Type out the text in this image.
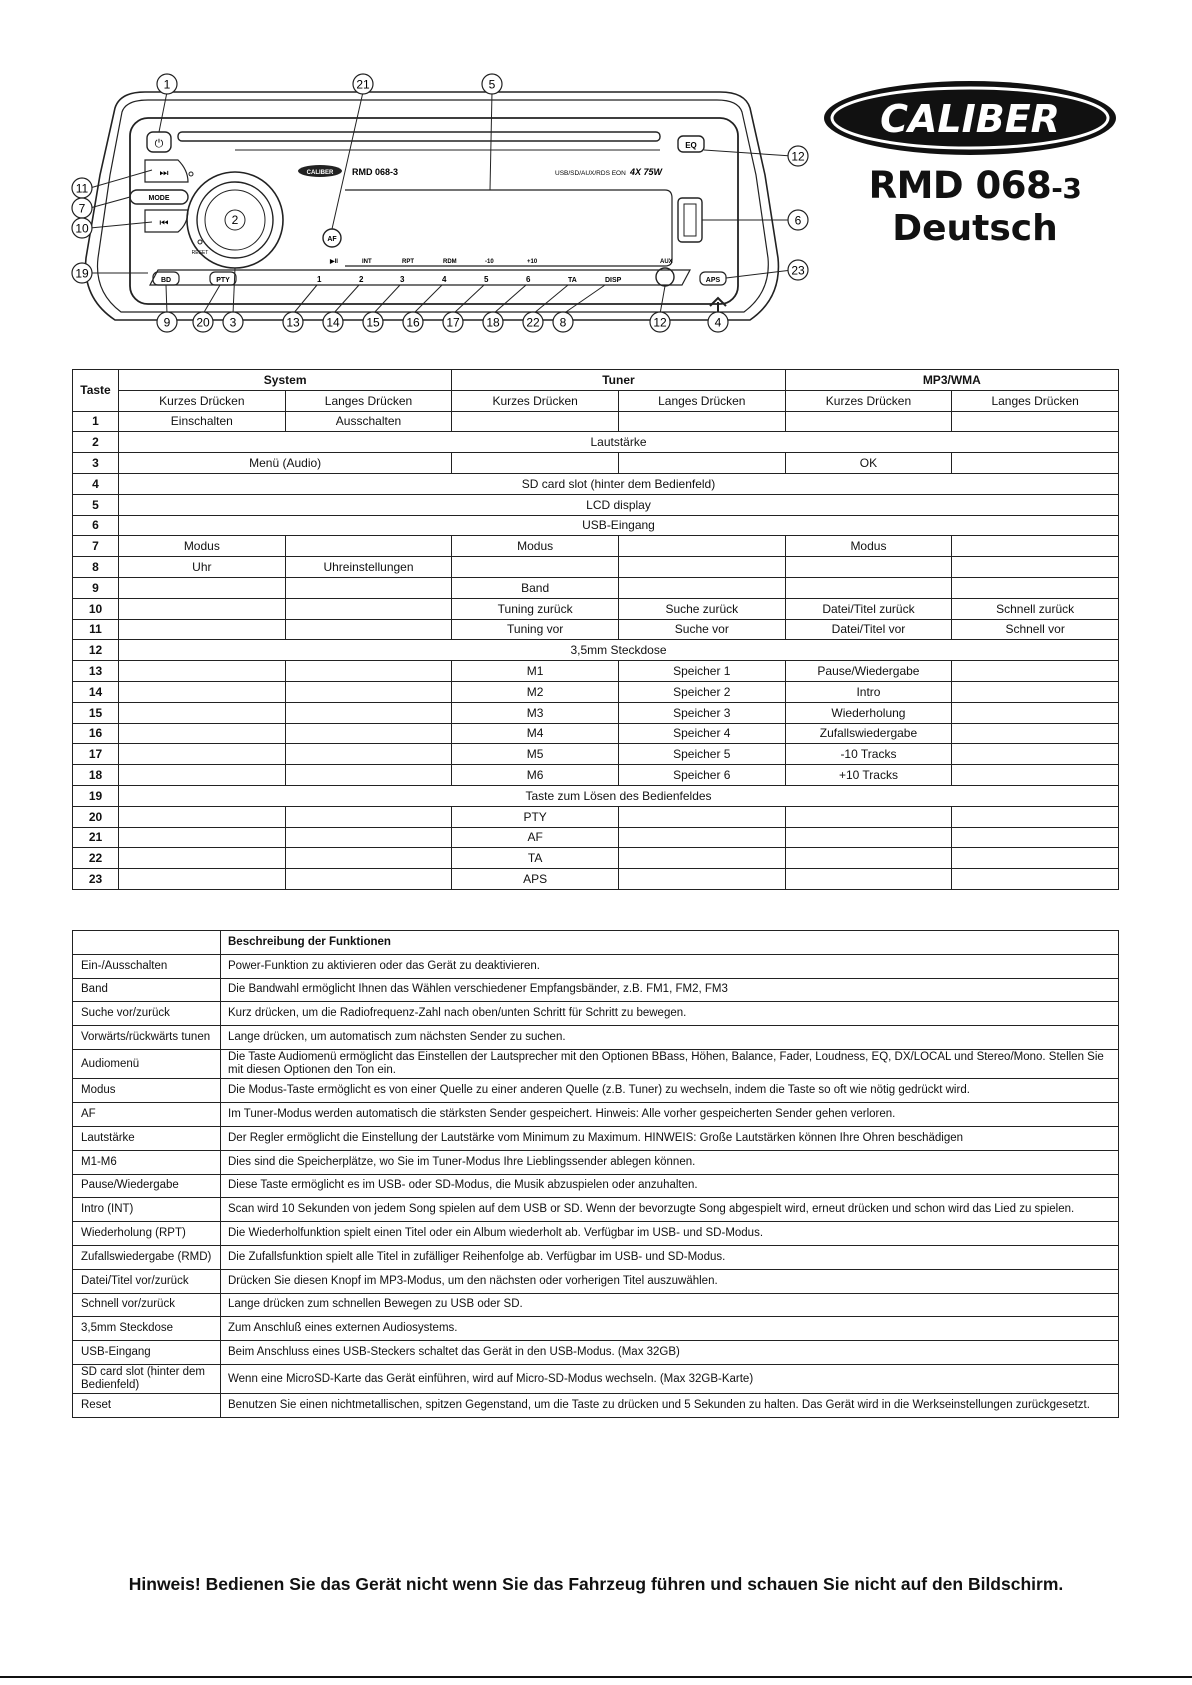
⏻	EQ
CALIBER RMD 068-3	USB/SD/AUX/RDS EON 4X 75W
⏭
MODE
⏮
RESET
AF
▶II	INT	RPT	RDM	-10	+10	AUX
BD	PTY	1	2	3	4	5	6	TA	DISP	APS
1	21	5
12
11
6
7
10
19	23
9 20 3	13 14 15 16 17 18 22 8	12	4
2
CALIBER
RMD 068-3
Deutsch
Taste	System		Tuner		MP3/WMA	
	Kurzes Drücken	Langes Drücken	Kurzes Drücken	Langes Drücken	Kurzes Drücken	Langes Drücken
1	Einschalten	Ausschalten				
2	Lautstärke					
3	Menü (Audio)				OK	
4	SD card slot (hinter dem Bedienfeld)					
5	LCD display					
6	USB-Eingang					
7	Modus		Modus		Modus	
8	Uhr	Uhreinstellungen				
9			Band			
10			Tuning zurück	Suche zurück	Datei/Titel zurück	Schnell zurück
11			Tuning vor	Suche vor	Datei/Titel vor	Schnell vor
12	3,5mm Steckdose					
13			M1	Speicher 1	Pause/Wiedergabe	
14			M2	Speicher 2	Intro	
15			M3	Speicher 3	Wiederholung	
16			M4	Speicher 4	Zufallswiedergabe	
17			M5	Speicher 5	-10 Tracks	
18			M6	Speicher 6	+10 Tracks	
19	Taste zum Lösen des Bedienfeldes					
20			PTY			
21			AF			
22			TA			
23			APS			
	Beschreibung der Funktionen
Ein-/Ausschalten	Power-Funktion zu aktivieren oder das Gerät zu deaktivieren.
Band	Die Bandwahl ermöglicht Ihnen das Wählen verschiedener Empfangsbänder, z.B. FM1, FM2, FM3
Suche vor/zurück	Kurz drücken, um die Radiofrequenz-Zahl nach oben/unten Schritt für Schritt zu bewegen.
Vorwärts/rückwärts tunen	Lange drücken, um automatisch zum nächsten Sender zu suchen.
Audiomenü	Die Taste Audiomenü ermöglicht das Einstellen der Lautsprecher mit den Optionen BBass, Höhen, Balance, Fader, Loudness, EQ, DX/LOCAL und Stereo/Mono. Stellen Sie mit diesen Optionen den Ton ein.
Modus	Die Modus-Taste ermöglicht es von einer Quelle zu einer anderen Quelle (z.B. Tuner) zu wechseln, indem die Taste so oft wie nötig gedrückt wird.
AF	Im Tuner-Modus werden automatisch die stärksten Sender gespeichert. Hinweis: Alle vorher gespeicherten Sender gehen verloren.
Lautstärke	Der Regler ermöglicht die Einstellung der Lautstärke vom Minimum zu Maximum. HINWEIS: Große Lautstärken können Ihre Ohren beschädigen
M1-M6	Dies sind die Speicherplätze, wo Sie im Tuner-Modus Ihre Lieblingssender ablegen können.
Pause/Wiedergabe	Diese Taste ermöglicht es im USB- oder SD-Modus, die Musik abzuspielen oder anzuhalten.
Intro (INT)	Scan wird 10 Sekunden von jedem Song spielen auf dem USB or SD. Wenn der bevorzugte Song abgespielt wird, erneut drücken und schon wird das Lied zu spielen.
Wiederholung (RPT)	Die Wiederholfunktion spielt einen Titel oder ein Album wiederholt ab. Verfügbar im USB- und SD-Modus.
Zufallswiedergabe (RMD)	Die Zufallsfunktion spielt alle Titel in zufälliger Reihenfolge ab. Verfügbar im USB- und SD-Modus.
Datei/Titel vor/zurück	Drücken Sie diesen Knopf im MP3-Modus, um den nächsten oder vorherigen Titel auszuwählen.
Schnell vor/zurück	Lange drücken zum schnellen Bewegen zu USB oder SD.
3,5mm Steckdose	Zum Anschluß eines externen Audiosystems.
USB-Eingang	Beim Anschluss eines USB-Steckers schaltet das Gerät in den USB-Modus. (Max 32GB)
SD card slot (hinter dem Bedienfeld)	Wenn eine MicroSD-Karte das Gerät einführen, wird auf Micro-SD-Modus wechseln. (Max 32GB-Karte)
Reset	Benutzen Sie einen nichtmetallischen, spitzen Gegenstand, um die Taste zu drücken und 5 Sekunden zu halten. Das Gerät wird in die Werkseinstellungen zurückgesetzt.
Hinweis! Bedienen Sie das Gerät nicht wenn Sie das Fahrzeug führen und schauen Sie nicht auf den Bildschirm.
